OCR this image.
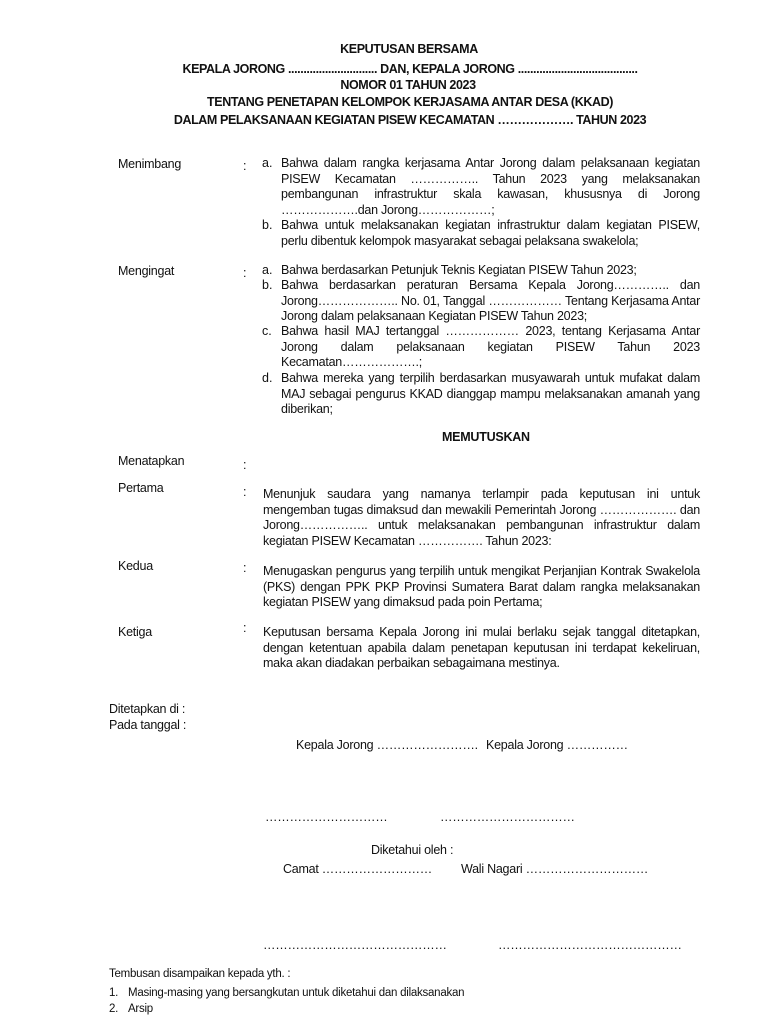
KEPUTUSAN BERSAMA
KEPALA JORONG ............................. DAN, KEPALA JORONG .......................................
NOMOR 01 TAHUN 2023
TENTANG PENETAPAN KELOMPOK KERJASAMA ANTAR DESA (KKAD)
DALAM PELAKSANAAN KEGIATAN PISEW KECAMATAN ………………. TAHUN 2023
Menimbang	: a. Bahwa dalam rangka kerjasama Antar Jorong dalam pelaksanaan kegiatan PISEW Kecamatan …………….. Tahun 2023 yang melaksanakan pembangunan infrastruktur skala kawasan, khususnya di Jorong ……………….dan Jorong………………;
b. Bahwa untuk melaksanakan kegiatan infrastruktur dalam kegiatan PISEW, perlu dibentuk kelompok masyarakat sebagai pelaksana swakelola;
Mengingat	: a. Bahwa berdasarkan Petunjuk Teknis Kegiatan PISEW Tahun 2023;
b. Bahwa berdasarkan peraturan Bersama Kepala Jorong………….. dan Jorong……………….. No. 01, Tanggal ……………… Tentang Kerjasama Antar Jorong dalam pelaksanaan Kegiatan PISEW Tahun 2023;
c. Bahwa hasil MAJ tertanggal ……………… 2023, tentang Kerjasama Antar Jorong dalam pelaksanaan kegiatan PISEW Tahun 2023 Kecamatan……………….;
d. Bahwa mereka yang terpilih berdasarkan musyawarah untuk mufakat dalam MAJ sebagai pengurus KKAD dianggap mampu melaksanakan amanah yang diberikan;
MEMUTUSKAN
Menatapkan	:
Pertama	: Menunjuk saudara yang namanya terlampir pada keputusan ini untuk mengemban tugas dimaksud dan mewakili Pemerintah Jorong ………………. dan Jorong…………….. untuk melaksanakan pembangunan infrastruktur dalam kegiatan PISEW Kecamatan ……………. Tahun 2023:
Kedua	: Menugaskan pengurus yang terpilih untuk mengikat Perjanjian Kontrak Swakelola (PKS) dengan PPK PKP Provinsi Sumatera Barat dalam rangka melaksanakan kegiatan PISEW yang dimaksud pada poin Pertama;
Ketiga	: Keputusan bersama Kepala Jorong ini mulai berlaku sejak tanggal ditetapkan, dengan ketentuan apabila dalam penetapan keputusan ini terdapat kekeliruan, maka akan diadakan perbaikan sebagaimana mestinya.
Ditetapkan di :
Pada tanggal :
Kepala Jorong ……………………. Kepala Jorong ……………
…………………………	……………………………
Diketahui oleh :
Camat ……………………… Wali Nagari …………………………
………………………………………	………………………………………
Tembusan disampaikan kepada yth. :
1. Masing-masing yang bersangkutan untuk diketahui dan dilaksanakan
2. Arsip
